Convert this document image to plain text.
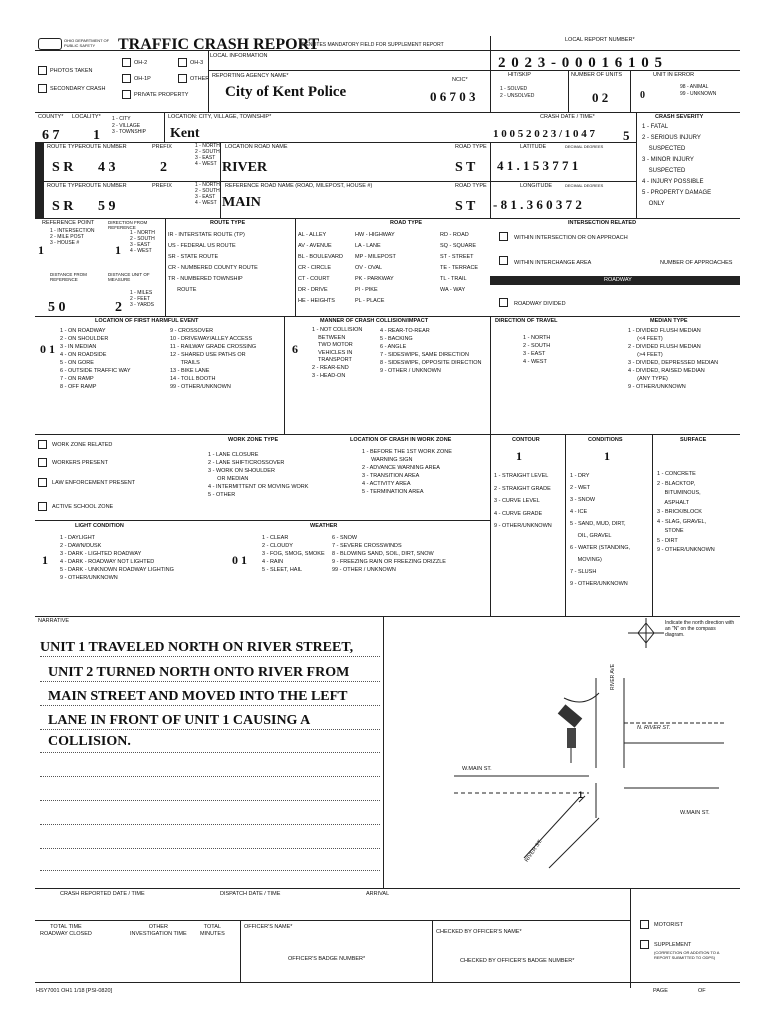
OHIO DEPARTMENT OF PUBLIC SAFETY	TRAFFIC CRASH REPORT
*DENOTES MANDATORY FIELD FOR SUPPLEMENT REPORT
LOCAL REPORT NUMBER*
2 0 2 3 - 0 0 0 1 6 1 0 5
PHOTOS TAKEN
OH-2	OH-3
LOCAL INFORMATION
OH-1P	OTHER
SECONDARY CRASH
PRIVATE PROPERTY
REPORTING AGENCY NAME*
City of Kent Police
NCIC*
0 6 7 0 3
HIT/SKIP
1 - SOLVED
2 - UNSOLVED
NUMBER OF UNITS
0 2
UNIT IN ERROR
98 - ANIMAL
99 - UNKNOWN
0
COUNTY* LOCALITY*
6 7 1
1 - CITY
2 - VILLAGE
3 - TOWNSHIP
LOCATION: CITY, VILLAGE, TOWNSHIP*
Kent
CRASH DATE / TIME*
1 0 0 5 2 0 2 3 / 1 0 4 7 5
CRASH SEVERITY
1 - FATAL
2 - SERIOUS INJURY
SUSPECTED
3 - MINOR INJURY
SUSPECTED
4 - INJURY POSSIBLE
5 - PROPERTY DAMAGE
ONLY
LOCATION
REFERENCE
ROUTE TYPE ROUTE NUMBER	PREFIX	1 - NORTH
2 - SOUTH
3 - EAST
4 - WEST
LOCATION ROAD NAME	ROAD TYPE
S R 4 3	2	RIVER	S T
LATITUDE	DECIMAL DEGREES
4 1 . 1 5 3 7 7 1
ROUTE TYPE ROUTE NUMBER	PREFIX	1 - NORTH
2 - SOUTH
3 - EAST
4 - WEST
REFERENCE ROAD NAME (ROAD, MILEPOST, HOUSE #)	ROAD TYPE
S R 5 9	MAIN	S T
LONGITUDE	DECIMAL DEGREES
- 8 1 . 3 6 0 3 7 2
REFERENCE POINT
1
1 - INTERSECTION
2 - MILE POST
3 - HOUSE #
DIRECTION FROM REFERENCE
1
1 - NORTH
2 - SOUTH
3 - EAST
4 - WEST
DISTANCE FROM REFERENCE
5 0
DISTANCE UNIT OF MEASURE
2
1 - MILES
2 - FEET
3 - YARDS
ROUTE TYPE
IR - INTERSTATE ROUTE (TP)
US - FEDERAL US ROUTE
SR - STATE ROUTE
CR - NUMBERED COUNTY ROUTE
TR - NUMBERED TOWNSHIP
ROUTE
ROAD TYPE
AL - ALLEY
AV - AVENUE
BL - BOULEVARD
CR - CIRCLE
CT - COURT
DR - DRIVE
HE - HEIGHTS
HW - HIGHWAY
LA - LANE
MP - MILEPOST
OV - OVAL
PK - PARKWAY
PI - PIKE
PL - PLACE
RD - ROAD
SQ - SQUARE
ST - STREET
TE - TERRACE
TL - TRAIL
WA - WAY
INTERSECTION RELATED
WITHIN INTERSECTION OR ON APPROACH
WITHIN INTERCHANGE AREA	NUMBER OF APPROACHES
ROADWAY
ROADWAY DIVIDED
LOCATION OF FIRST HARMFUL EVENT
0 1
1 - ON ROADWAY
2 - ON SHOULDER
3 - IN MEDIAN
4 - ON ROADSIDE
5 - ON GORE
6 - OUTSIDE TRAFFIC WAY
7 - ON RAMP
8 - OFF RAMP
9 - CROSSOVER
10 - DRIVEWAY/ALLEY ACCESS
11 - RAILWAY GRADE CROSSING
12 - SHARED USE PATHS OR
TRAILS
13 - BIKE LANE
14 - TOLL BOOTH
99 - OTHER/UNKNOWN
MANNER OF CRASH COLLISION/IMPACT
6
1 - NOT COLLISION
BETWEEN
TWO MOTOR
VEHICLES IN
TRANSPORT
2 - REAR-END
3 - HEAD-ON
4 - REAR-TO-REAR
5 - BACKING
6 - ANGLE
7 - SIDESWIPE, SAME DIRECTION
8 - SIDESWIPE, OPPOSITE DIRECTION
9 - OTHER / UNKNOWN
DIRECTION OF TRAVEL
1 - NORTH
2 - SOUTH
3 - EAST
4 - WEST
MEDIAN TYPE
1 - DIVIDED FLUSH MEDIAN
(<4 FEET)
2 - DIVIDED FLUSH MEDIAN
(>4 FEET)
3 - DIVIDED, DEPRESSED MEDIAN
4 - DIVIDED, RAISED MEDIAN
(ANY TYPE)
9 - OTHER/UNKNOWN
WORK ZONE RELATED
WORKERS PRESENT
LAW ENFORCEMENT PRESENT
ACTIVE SCHOOL ZONE
WORK ZONE TYPE
1 - LANE CLOSURE
2 - LANE SHIFT/CROSSOVER
3 - WORK ON SHOULDER
OR MEDIAN
4 - INTERMITTENT OR MOVING WORK
5 - OTHER
LOCATION OF CRASH IN WORK ZONE
1 - BEFORE THE 1ST WORK ZONE
WARNING SIGN
2 - ADVANCE WARNING AREA
3 - TRANSITION AREA
4 - ACTIVITY AREA
5 - TERMINATION AREA
CONTOUR
1
1 - STRAIGHT LEVEL
2 - STRAIGHT GRADE
3 - CURVE LEVEL
4 - CURVE GRADE
9 - OTHER/UNKNOWN
CONDITIONS
1
1 - DRY
2 - WET
3 - SNOW
4 - ICE
5 - SAND, MUD, DIRT,
OIL, GRAVEL
6 - WATER (STANDING,
MOVING)
7 - SLUSH
9 - OTHER/UNKNOWN
SURFACE
1 - CONCRETE
2 - BLACKTOP,
BITUMINOUS,
ASPHALT
3 - BRICK/BLOCK
4 - SLAG, GRAVEL,
STONE
5 - DIRT
9 - OTHER/UNKNOWN
LIGHT CONDITION
1
1 - DAYLIGHT
2 - DAWN/DUSK
3 - DARK - LIGHTED ROADWAY
4 - DARK - ROADWAY NOT LIGHTED
5 - DARK - UNKNOWN ROADWAY LIGHTING
9 - OTHER/UNKNOWN
WEATHER
0 1
1 - CLEAR
2 - CLOUDY
3 - FOG, SMOG, SMOKE
4 - RAIN
5 - SLEET, HAIL
6 - SNOW
7 - SEVERE CROSSWINDS
8 - BLOWING SAND, SOIL, DIRT, SNOW
9 - FREEZING RAIN OR FREEZING DRIZZLE
99 - OTHER / UNKNOWN
NARRATIVE
UNIT 1 TRAVELED NORTH ON RIVER STREET,
UNIT 2 TURNED NORTH ONTO RIVER FROM
MAIN STREET AND MOVED INTO THE LEFT
LANE IN FRONT OF UNIT 1 CAUSING A
COLLISION.
Indicate the north direction with an "N" on the compass diagram.
RIVER AVE
N. RIVER ST.
W.MAIN ST.
W.MAIN ST.
RIVER ST.
1
CRASH REPORTED DATE / TIME	DISPATCH DATE / TIME	ARRIVAL
TOTAL TIME
ROADWAY CLOSED
OTHER
INVESTIGATION TIME
TOTAL
MINUTES
OFFICER'S NAME*
OFFICER'S BADGE NUMBER*
CHECKED BY OFFICER'S NAME*
CHECKED BY OFFICER'S BADGE NUMBER*
MOTORIST
SUPPLEMENT
(CORRECTION OR ADDITION TO A REPORT SUBMITTED TO ODPS)
HSY7001 OH1 1/18 [PSI-0820]	PAGE	OF
